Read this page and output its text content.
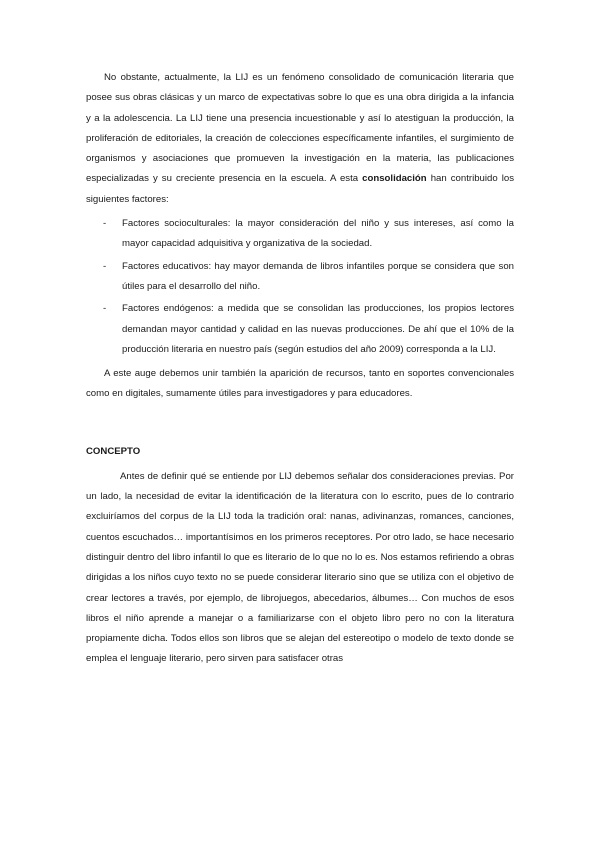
No obstante, actualmente, la LIJ es un fenómeno consolidado de comunicación literaria que posee sus obras clásicas y un marco de expectativas sobre lo que es una obra dirigida a la infancia y a la adolescencia. La LIJ tiene una presencia incuestionable y así lo atestiguan la producción, la proliferación de editoriales, la creación de colecciones específicamente infantiles, el surgimiento de organismos y asociaciones que promueven la investigación en la materia, las publicaciones especializadas y su creciente presencia en la escuela. A esta consolidación han contribuido los siguientes factores:

- Factores socioculturales: la mayor consideración del niño y sus intereses, así como la mayor capacidad adquisitiva y organizativa de la sociedad.
- Factores educativos: hay mayor demanda de libros infantiles porque se considera que son útiles para el desarrollo del niño.
- Factores endógenos: a medida que se consolidan las producciones, los propios lectores demandan mayor cantidad y calidad en las nuevas producciones. De ahí que el 10% de la producción literaria en nuestro país (según estudios del año 2009) corresponda a la LIJ.

A este auge debemos unir también la aparición de recursos, tanto en soportes convencionales como en digitales, sumamente útiles para investigadores y para educadores.

CONCEPTO

Antes de definir qué se entiende por LIJ debemos señalar dos consideraciones previas. Por un lado, la necesidad de evitar la identificación de la literatura con lo escrito, pues de lo contrario excluiríamos del corpus de la LIJ toda la tradición oral: nanas, adivinanzas, romances, canciones, cuentos escuchados… importantísimos en los primeros receptores. Por otro lado, se hace necesario distinguir dentro del libro infantil lo que es literario de lo que no lo es. Nos estamos refiriendo a obras dirigidas a los niños cuyo texto no se puede considerar literario sino que se utiliza con el objetivo de crear lectores a través, por ejemplo, de librojuegos, abecedarios, álbumes… Con muchos de esos libros el niño aprende a manejar o a familiarizarse con el objeto libro pero no con la literatura propiamente dicha. Todos ellos son libros que se alejan del estereotipo o modelo de texto donde se emplea el lenguaje literario, pero sirven para satisfacer otras
